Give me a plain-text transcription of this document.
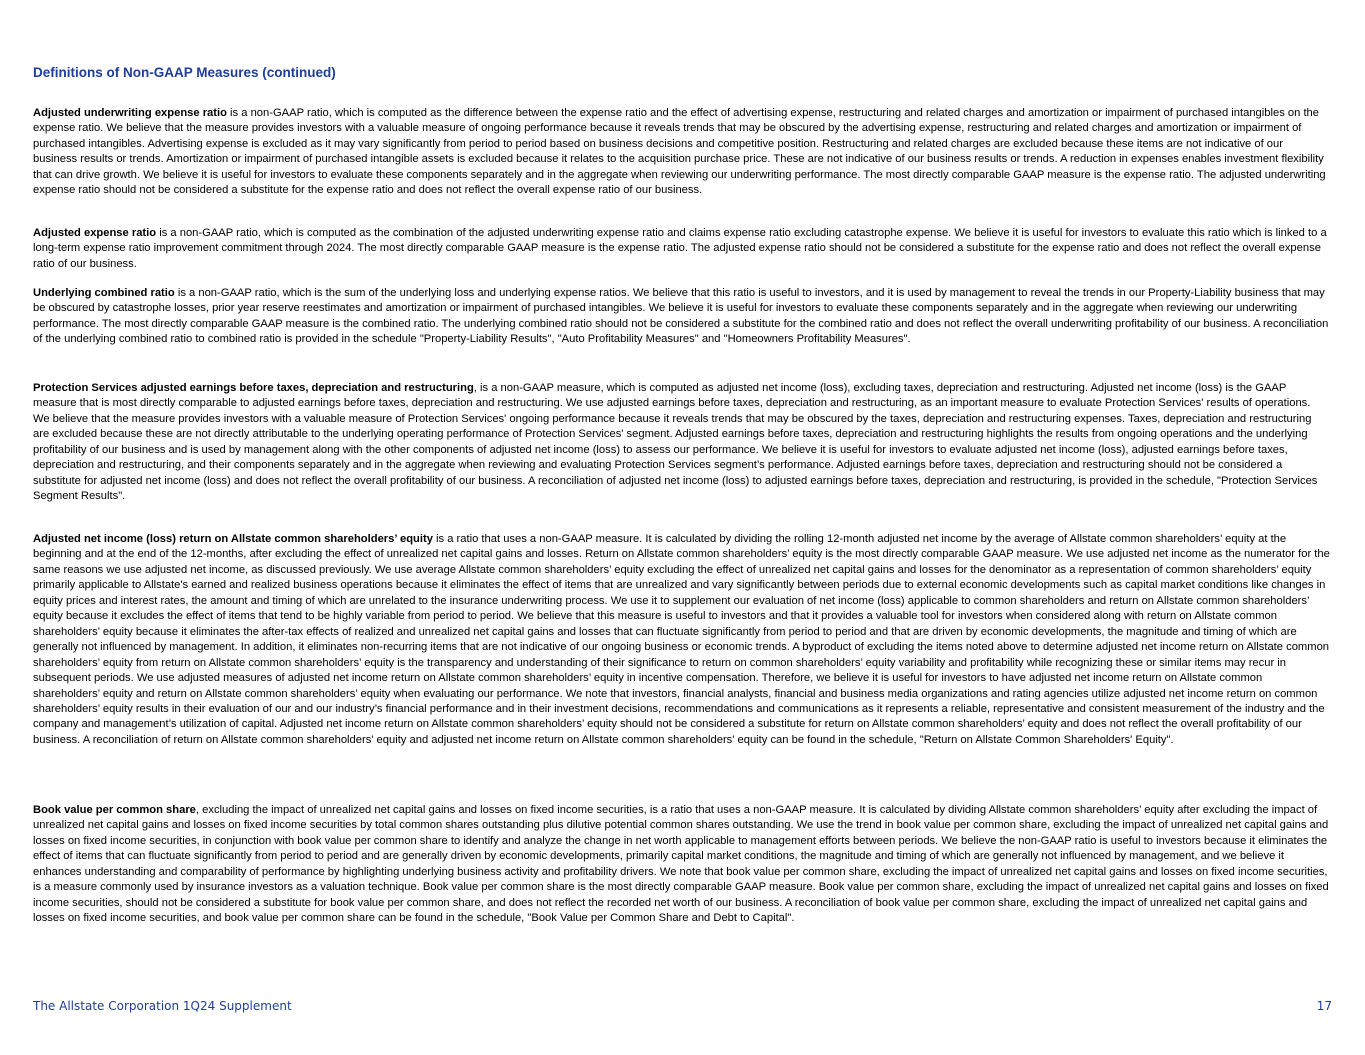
Definitions of Non-GAAP Measures (continued)

Adjusted underwriting expense ratio is a non-GAAP ratio, which is computed as the difference between the expense ratio and the effect of advertising expense, restructuring and related charges and amortization or impairment of purchased intangibles on the expense ratio. We believe that the measure provides investors with a valuable measure of ongoing performance because it reveals trends that may be obscured by the advertising expense, restructuring and related charges and amortization or impairment of purchased intangibles. Advertising expense is excluded as it may vary significantly from period to period based on business decisions and competitive position. Restructuring and related charges are excluded because these items are not indicative of our business results or trends. Amortization or impairment of purchased intangible assets is excluded because it relates to the acquisition purchase price. These are not indicative of our business results or trends. A reduction in expenses enables investment flexibility that can drive growth. We believe it is useful for investors to evaluate these components separately and in the aggregate when reviewing our underwriting performance. The most directly comparable GAAP measure is the expense ratio. The adjusted underwriting expense ratio should not be considered a substitute for the expense ratio and does not reflect the overall expense ratio of our business.

Adjusted expense ratio is a non-GAAP ratio, which is computed as the combination of the adjusted underwriting expense ratio and claims expense ratio excluding catastrophe expense. We believe it is useful for investors to evaluate this ratio which is linked to a long-term expense ratio improvement commitment through 2024. The most directly comparable GAAP measure is the expense ratio. The adjusted expense ratio should not be considered a substitute for the expense ratio and does not reflect the overall expense ratio of our business.

Underlying combined ratio is a non-GAAP ratio, which is the sum of the underlying loss and underlying expense ratios. We believe that this ratio is useful to investors, and it is used by management to reveal the trends in our Property-Liability business that may be obscured by catastrophe losses, prior year reserve reestimates and amortization or impairment of purchased intangibles. We believe it is useful for investors to evaluate these components separately and in the aggregate when reviewing our underwriting performance. The most directly comparable GAAP measure is the combined ratio. The underlying combined ratio should not be considered a substitute for the combined ratio and does not reflect the overall underwriting profitability of our business. A reconciliation of the underlying combined ratio to combined ratio is provided in the schedule "Property-Liability Results", "Auto Profitability Measures" and "Homeowners Profitability Measures".

Protection Services adjusted earnings before taxes, depreciation and restructuring, is a non-GAAP measure, which is computed as adjusted net income (loss), excluding taxes, depreciation and restructuring. Adjusted net income (loss) is the GAAP measure that is most directly comparable to adjusted earnings before taxes, depreciation and restructuring. We use adjusted earnings before taxes, depreciation and restructuring, as an important measure to evaluate Protection Services' results of operations. We believe that the measure provides investors with a valuable measure of Protection Services' ongoing performance because it reveals trends that may be obscured by the taxes, depreciation and restructuring expenses. Taxes, depreciation and restructuring are excluded because these are not directly attributable to the underlying operating performance of Protection Services' segment. Adjusted earnings before taxes, depreciation and restructuring highlights the results from ongoing operations and the underlying profitability of our business and is used by management along with the other components of adjusted net income (loss) to assess our performance. We believe it is useful for investors to evaluate adjusted net income (loss), adjusted earnings before taxes, depreciation and restructuring, and their components separately and in the aggregate when reviewing and evaluating Protection Services segment’s performance. Adjusted earnings before taxes, depreciation and restructuring should not be considered a substitute for adjusted net income (loss) and does not reflect the overall profitability of our business. A reconciliation of adjusted net income (loss) to adjusted earnings before taxes, depreciation and restructuring, is provided in the schedule, "Protection Services Segment Results".

Adjusted net income (loss) return on Allstate common shareholders’ equity is a ratio that uses a non-GAAP measure. It is calculated by dividing the rolling 12-month adjusted net income by the average of Allstate common shareholders’ equity at the beginning and at the end of the 12-months, after excluding the effect of unrealized net capital gains and losses. Return on Allstate common shareholders’ equity is the most directly comparable GAAP measure. We use adjusted net income as the numerator for the same reasons we use adjusted net income, as discussed previously. We use average Allstate common shareholders’ equity excluding the effect of unrealized net capital gains and losses for the denominator as a representation of common shareholders’ equity primarily applicable to Allstate's earned and realized business operations because it eliminates the effect of items that are unrealized and vary significantly between periods due to external economic developments such as capital market conditions like changes in equity prices and interest rates, the amount and timing of which are unrelated to the insurance underwriting process. We use it to supplement our evaluation of net income (loss) applicable to common shareholders and return on Allstate common shareholders’ equity because it excludes the effect of items that tend to be highly variable from period to period. We believe that this measure is useful to investors and that it provides a valuable tool for investors when considered along with return on Allstate common shareholders’ equity because it eliminates the after-tax effects of realized and unrealized net capital gains and losses that can fluctuate significantly from period to period and that are driven by economic developments, the magnitude and timing of which are generally not influenced by management. In addition, it eliminates non-recurring items that are not indicative of our ongoing business or economic trends. A byproduct of excluding the items noted above to determine adjusted net income return on Allstate common shareholders’ equity from return on Allstate common shareholders’ equity is the transparency and understanding of their significance to return on common shareholders’ equity variability and profitability while recognizing these or similar items may recur in subsequent periods. We use adjusted measures of adjusted net income return on Allstate common shareholders’ equity in incentive compensation. Therefore, we believe it is useful for investors to have adjusted net income return on Allstate common shareholders’ equity and return on Allstate common shareholders’ equity when evaluating our performance. We note that investors, financial analysts, financial and business media organizations and rating agencies utilize adjusted net income return on common shareholders’ equity results in their evaluation of our and our industry’s financial performance and in their investment decisions, recommendations and communications as it represents a reliable, representative and consistent measurement of the industry and the company and management’s utilization of capital. Adjusted net income return on Allstate common shareholders’ equity should not be considered a substitute for return on Allstate common shareholders’ equity and does not reflect the overall profitability of our business. A reconciliation of return on Allstate common shareholders' equity and adjusted net income return on Allstate common shareholders' equity can be found in the schedule, "Return on Allstate Common Shareholders' Equity".

Book value per common share, excluding the impact of unrealized net capital gains and losses on fixed income securities, is a ratio that uses a non-GAAP measure. It is calculated by dividing Allstate common shareholders’ equity after excluding the impact of unrealized net capital gains and losses on fixed income securities by total common shares outstanding plus dilutive potential common shares outstanding. We use the trend in book value per common share, excluding the impact of unrealized net capital gains and losses on fixed income securities, in conjunction with book value per common share to identify and analyze the change in net worth applicable to management efforts between periods. We believe the non-GAAP ratio is useful to investors because it eliminates the effect of items that can fluctuate significantly from period to period and are generally driven by economic developments, primarily capital market conditions, the magnitude and timing of which are generally not influenced by management, and we believe it enhances understanding and comparability of performance by highlighting underlying business activity and profitability drivers. We note that book value per common share, excluding the impact of unrealized net capital gains and losses on fixed income securities, is a measure commonly used by insurance investors as a valuation technique. Book value per common share is the most directly comparable GAAP measure. Book value per common share, excluding the impact of unrealized net capital gains and losses on fixed income securities, should not be considered a substitute for book value per common share, and does not reflect the recorded net worth of our business. A reconciliation of book value per common share, excluding the impact of unrealized net capital gains and losses on fixed income securities, and book value per common share can be found in the schedule, "Book Value per Common Share and Debt to Capital".

The Allstate Corporation 1Q24 Supplement	17
